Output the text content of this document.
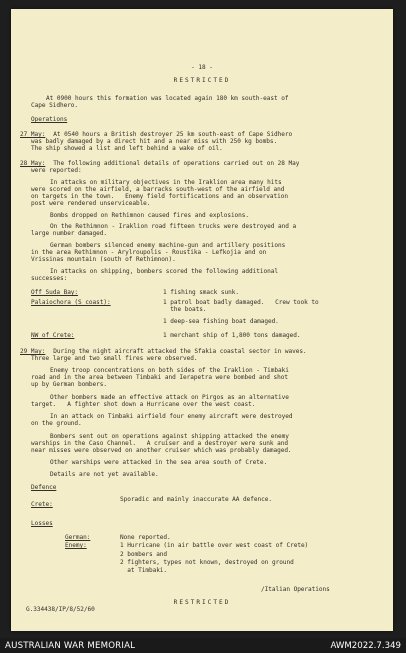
- 18 -
RESTRICTED
At 0900 hours this formation was located again 180 km south-east of
Cape Sidhero.
Operations
27 May: At 0540 hours a British destroyer 25 km south-east of Cape Sidhero
was badly damaged by a direct hit and a near miss with 250 kg bombs.
The ship showed a list and left behind a wake of oil.
28 May: The following additional details of operations carried out on 28 May
were reported:
In attacks on military objectives in the Iraklion area many hits
were scored on the airfield, a barracks south-west of the airfield and
on targets in the town.   Enemy field fortifications and an observation
post were rendered unserviceable.
Bombs dropped on Rethimnon caused fires and explosions.
On the Rethimnon - Iraklion road fifteen trucks were destroyed and a
large number damaged.
German bombers silenced enemy machine-gun and artillery positions
in the area Rethimnon - Arylroupolis - Roustika - Lefkojia and on
Vrissinas mountain (south of Rethimnon).
In attacks on shipping, bombers scored the following additional
successes:
Off Suda Bay:	1 fishing smack sunk.
Palaiochora (S coast):	1 patrol boat badly damaged.   Crew took to
the boats.
1 deep-sea fishing boat damaged.
NW of Crete:	1 merchant ship of 1,800 tons damaged.
29 May: During the night aircraft attacked the Sfakia coastal sector in waves.
Three large and two small fires were observed.
Enemy troop concentrations on both sides of the Iraklion - Timbaki
road and in the area between Timbaki and Ierapetra were bombed and shot
up by German bombers.
Other bombers made an effective attack on Pirgos as an alternative
target.   A fighter shot down a Hurricane over the west coast.
In an attack on Timbaki airfield four enemy aircraft were destroyed
on the ground.
Bombers sent out on operations against shipping attacked the enemy
warships in the Caso Channel.   A cruiser and a destroyer were sunk and
near misses were observed on another cruiser which was probably damaged.
Other warships were attacked in the sea area south of Crete.
Details are not yet available.
Defence
Sporadic and mainly inaccurate AA defence.
Crete:
Losses
German:	None reported.
Enemy:	1 Hurricane (in air battle over west coast of Crete)
2 bombers and
2 fighters, types not known, destroyed on ground
at Timbaki.
/Italian Operations
RESTRICTED
G.334438/IP/8/52/60
AUSTRALIAN WAR MEMORIAL	AWM2022.7.349
